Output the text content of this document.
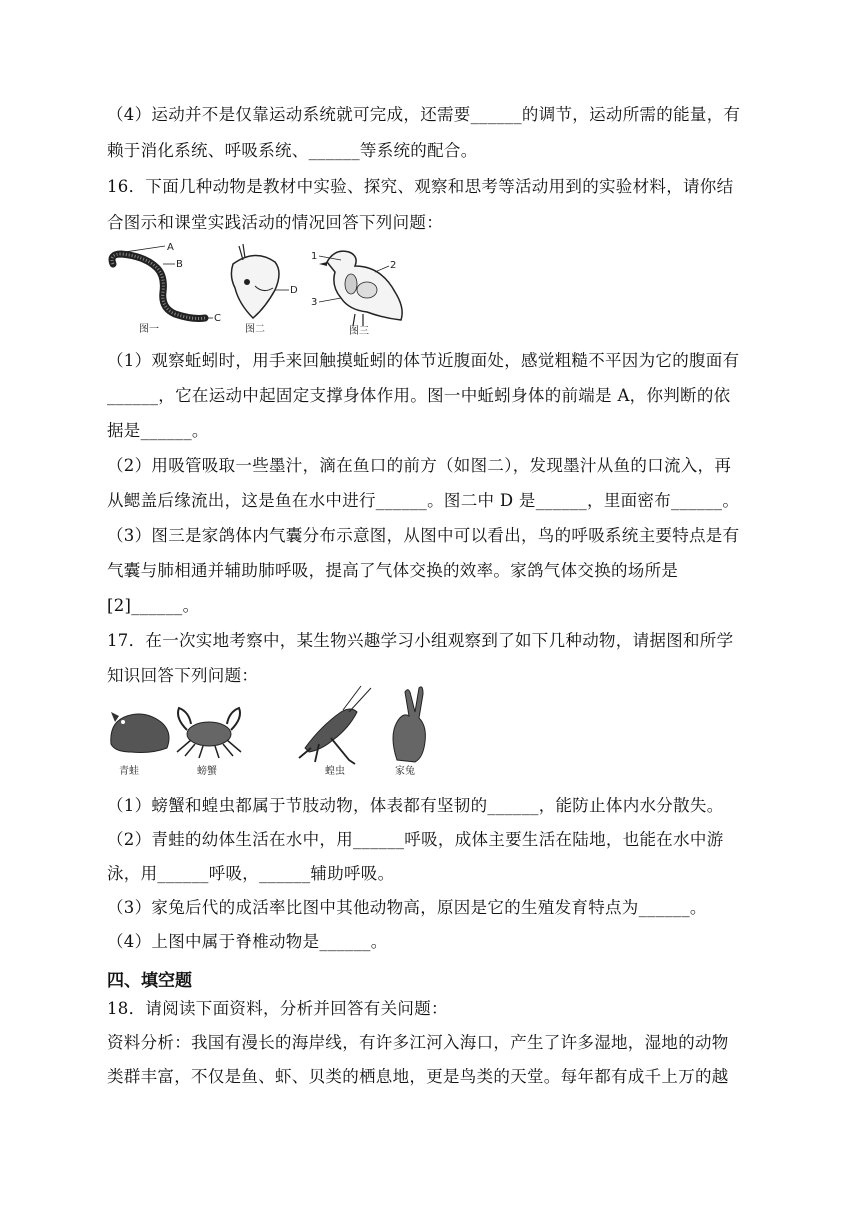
（4）运动并不是仅靠运动系统就可完成，还需要______的调节，运动所需的能量，有
赖于消化系统、呼吸系统、______等系统的配合。
16．下面几种动物是教材中实验、探究、观察和思考等活动用到的实验材料，请你结
合图示和课堂实践活动的情况回答下列问题：
A
B
C
图一
D
图二
1
2
3
图三
（1）观察蚯蚓时，用手来回触摸蚯蚓的体节近腹面处，感觉粗糙不平因为它的腹面有
______，它在运动中起固定支撑身体作用。图一中蚯蚓身体的前端是 A，你判断的依
据是______。
（2）用吸管吸取一些墨汁，滴在鱼口的前方（如图二），发现墨汁从鱼的口流入，再
从鳃盖后缘流出，这是鱼在水中进行______。图二中 D 是______，里面密布______。
（3）图三是家鸽体内气囊分布示意图，从图中可以看出，鸟的呼吸系统主要特点是有
气囊与肺相通并辅助肺呼吸，提高了气体交换的效率。家鸽气体交换的场所是
[2]______。
17．在一次实地考察中，某生物兴趣学习小组观察到了如下几种动物，请据图和所学
知识回答下列问题：
青蛙	螃蟹	蝗虫	家兔
（1）螃蟹和蝗虫都属于节肢动物，体表都有坚韧的______，能防止体内水分散失。
（2）青蛙的幼体生活在水中，用______呼吸，成体主要生活在陆地，也能在水中游
泳，用______呼吸，______辅助呼吸。
（3）家兔后代的成活率比图中其他动物高，原因是它的生殖发育特点为______。
（4）上图中属于脊椎动物是______。
四、填空题
18．请阅读下面资料，分析并回答有关问题：
资料分析：我国有漫长的海岸线，有许多江河入海口，产生了许多湿地，湿地的动物
类群丰富，不仅是鱼、虾、贝类的栖息地，更是鸟类的天堂。每年都有成千上万的越
